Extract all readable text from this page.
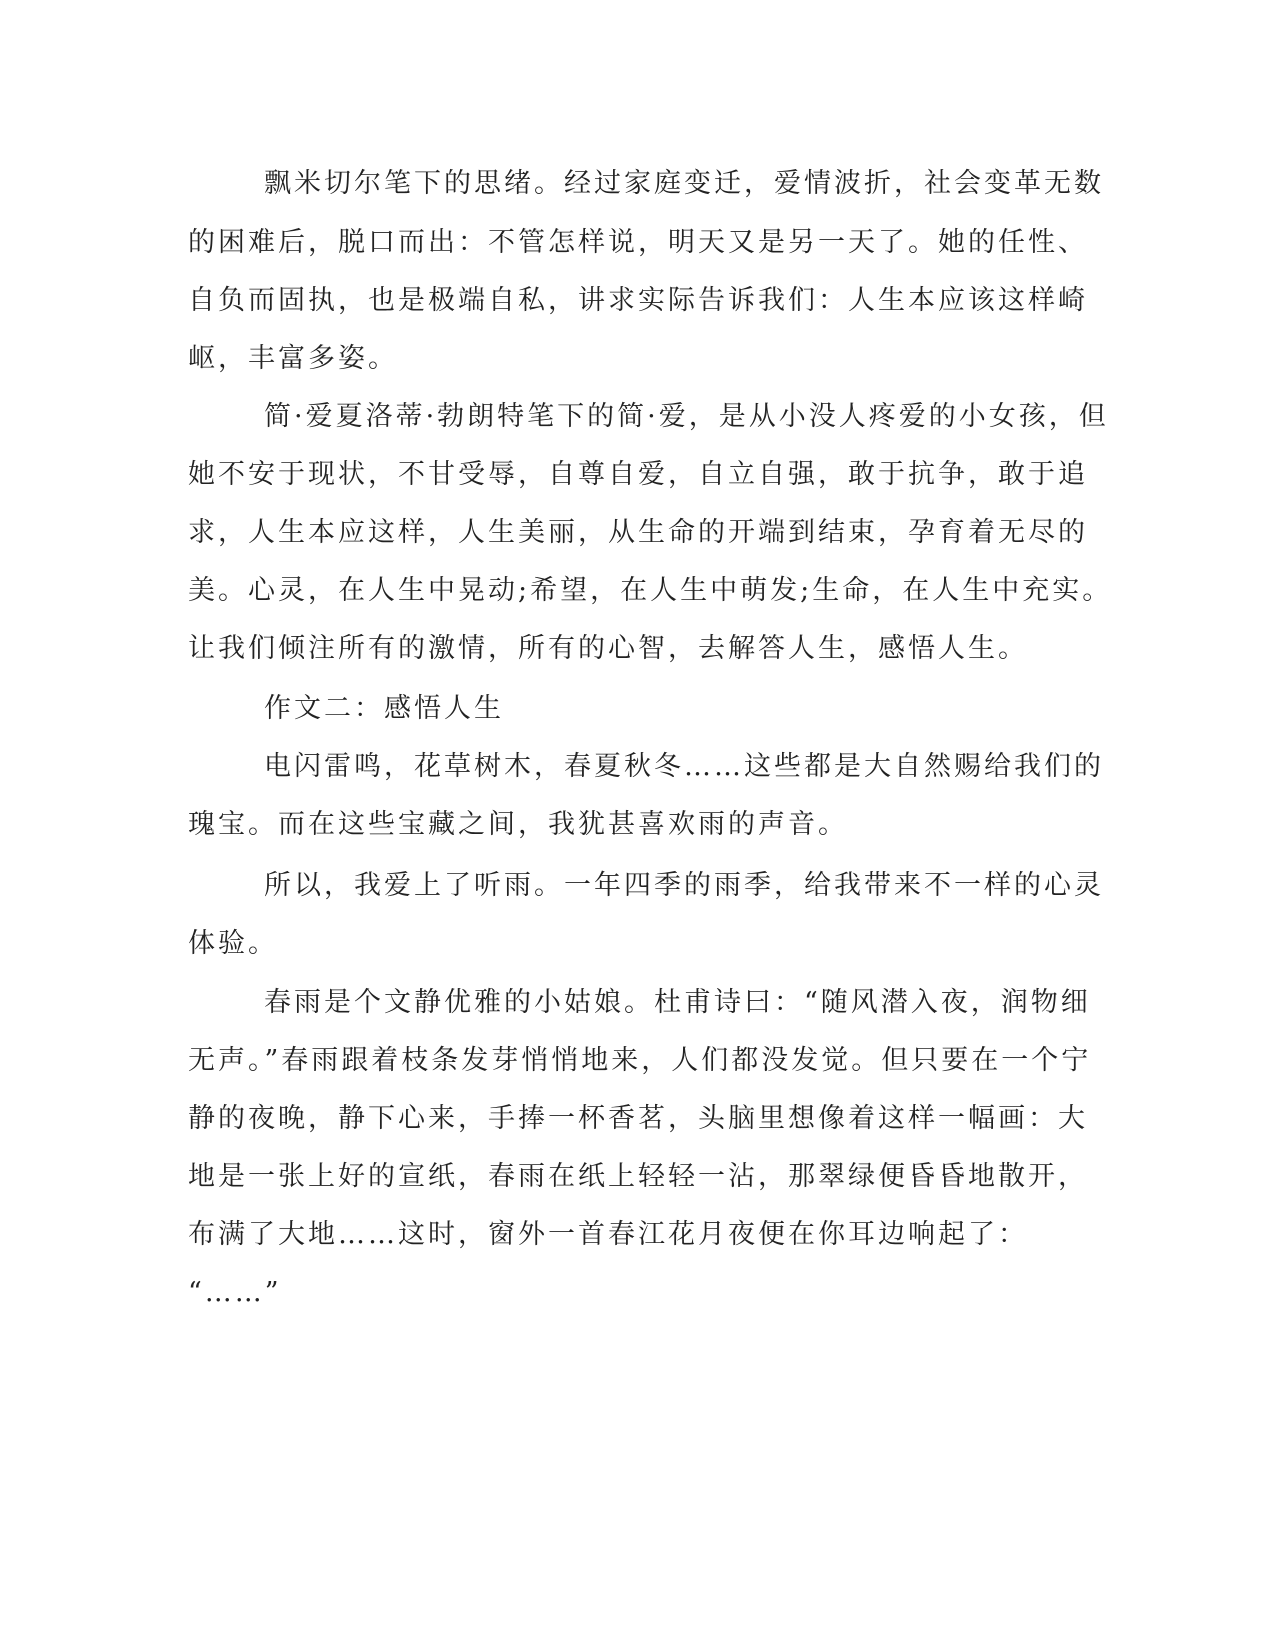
飘米切尔笔下的思绪。经过家庭变迁，爱情波折，社会变革无数
的困难后，脱口而出：不管怎样说，明天又是另一天了。她的任性、
自负而固执，也是极端自私，讲求实际告诉我们：人生本应该这样崎
岖，丰富多姿。
简·爱夏洛蒂·勃朗特笔下的简·爱，是从小没人疼爱的小女孩，但
她不安于现状，不甘受辱，自尊自爱，自立自强，敢于抗争，敢于追
求，人生本应这样，人生美丽，从生命的开端到结束，孕育着无尽的
美。心灵，在人生中晃动;希望，在人生中萌发;生命，在人生中充实。
让我们倾注所有的激情，所有的心智，去解答人生，感悟人生。
作文二：感悟人生
电闪雷鸣，花草树木，春夏秋冬……这些都是大自然赐给我们的
瑰宝。而在这些宝藏之间，我犹甚喜欢雨的声音。
所以，我爱上了听雨。一年四季的雨季，给我带来不一样的心灵
体验。
春雨是个文静优雅的小姑娘。杜甫诗曰：“随风潜入夜，润物细
无声。”春雨跟着枝条发芽悄悄地来，人们都没发觉。但只要在一个宁
静的夜晚，静下心来，手捧一杯香茗，头脑里想像着这样一幅画：大
地是一张上好的宣纸，春雨在纸上轻轻一沾，那翠绿便昏昏地散开，
布满了大地……这时，窗外一首春江花月夜便在你耳边响起了：
“……”
